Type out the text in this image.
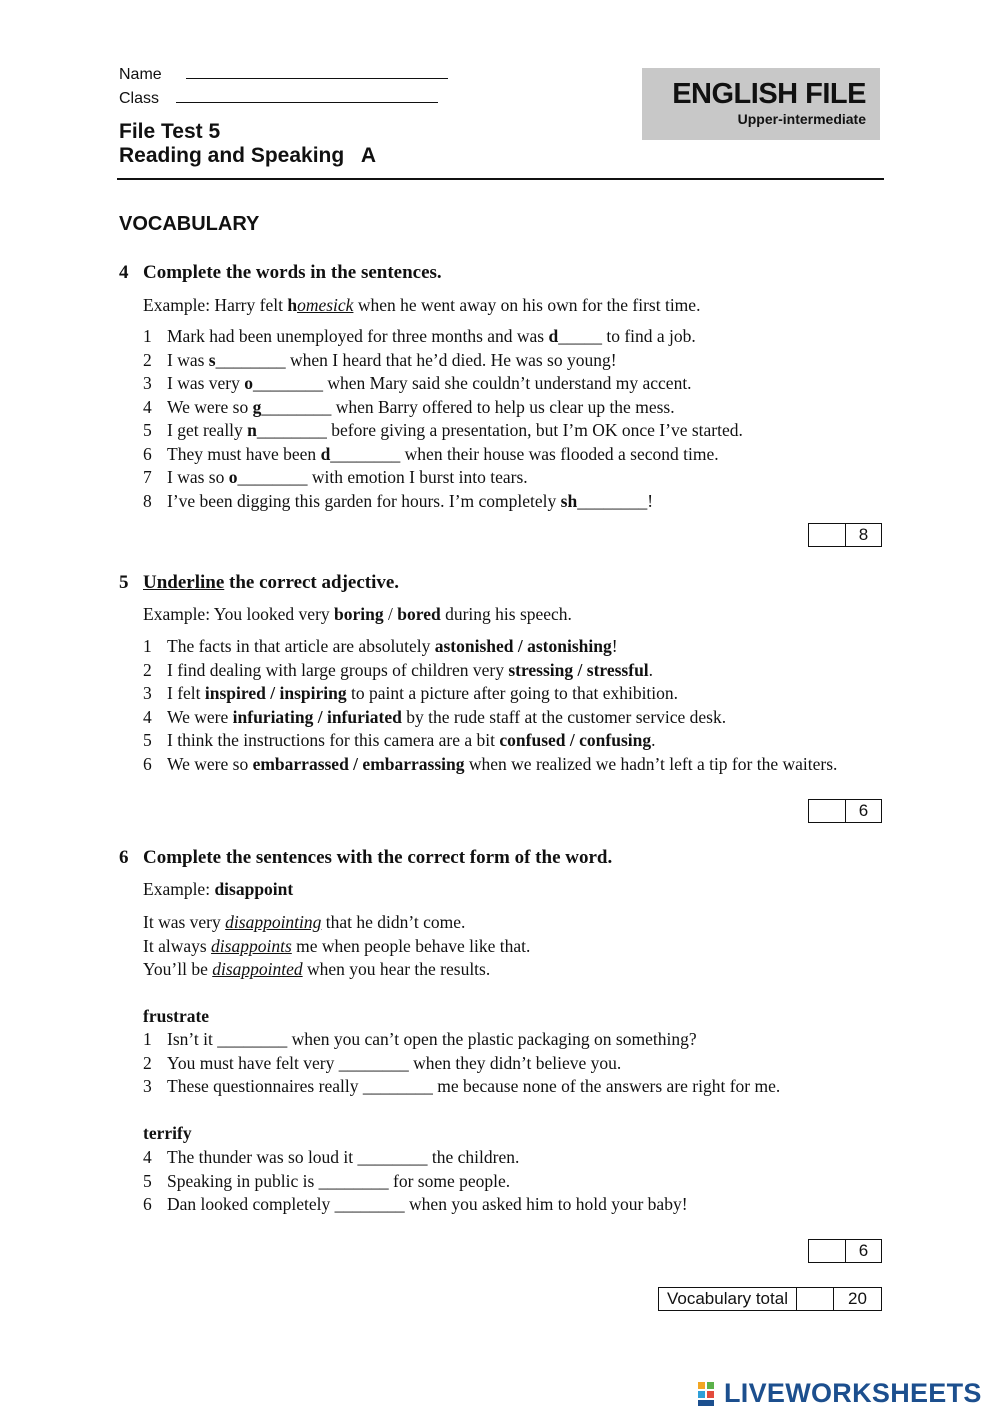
Name
Class
File Test 5
Reading and Speaking   A
ENGLISH FILE
Upper-intermediate
VOCABULARY
4 Complete the words in the sentences.
Example: Harry felt homesick when he went away on his own for the first time.
1 Mark had been unemployed for three months and was d_____ to find a job.
2 I was s________ when I heard that he’d died. He was so young!
3 I was very o________ when Mary said she couldn’t understand my accent.
4 We were so g________ when Barry offered to help us clear up the mess.
5 I get really n________ before giving a presentation, but I’m OK once I’ve started.
6 They must have been d________ when their house was flooded a second time.
7 I was so o________ with emotion I burst into tears.
8 I’ve been digging this garden for hours. I’m completely sh________!
8
5 Underline the correct adjective.
Example: You looked very boring / bored during his speech.
1 The facts in that article are absolutely astonished / astonishing!
2 I find dealing with large groups of children very stressing / stressful.
3 I felt inspired / inspiring to paint a picture after going to that exhibition.
4 We were infuriating / infuriated by the rude staff at the customer service desk.
5 I think the instructions for this camera are a bit confused / confusing.
6 We were so embarrassed / embarrassing when we realized we hadn’t left a tip for the waiters.
6
6 Complete the sentences with the correct form of the word.
Example: disappoint
It was very disappointing that he didn’t come.
It always disappoints me when people behave like that.
You’ll be disappointed when you hear the results.
frustrate
1 Isn’t it ________ when you can’t open the plastic packaging on something?
2 You must have felt very ________ when they didn’t believe you.
3 These questionnaires really ________ me because none of the answers are right for me.
terrify
4 The thunder was so loud it ________ the children.
5 Speaking in public is ________ for some people.
6 Dan looked completely ________ when you asked him to hold your baby!
6
Vocabulary total	20
LIVEWORKSHEETS
